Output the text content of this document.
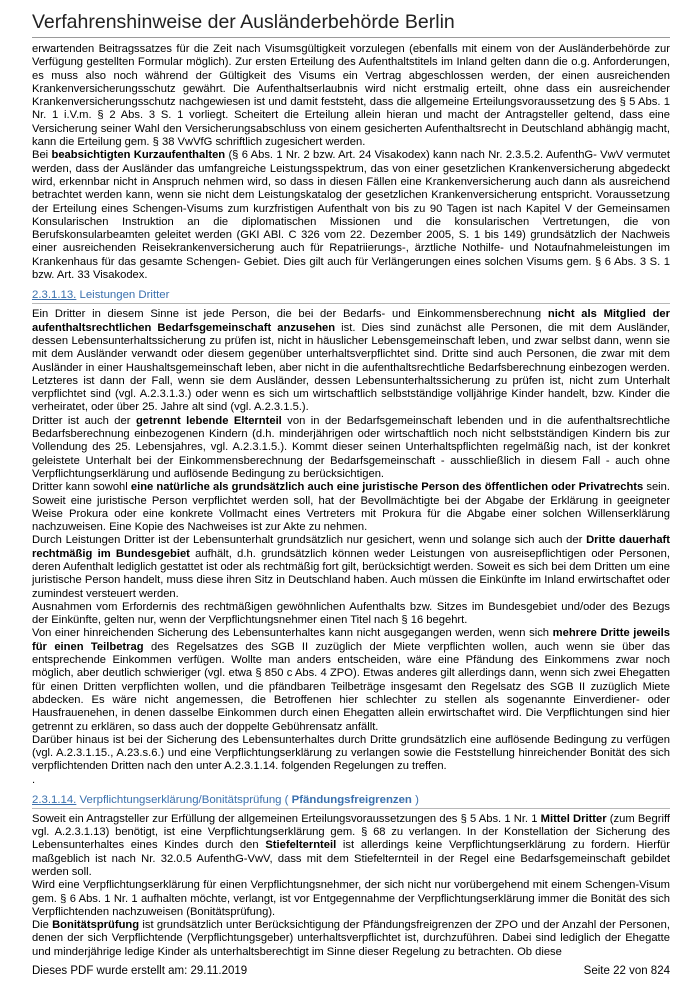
Verfahrenshinweise der Ausländerbehörde Berlin

erwartenden Beitragssatzes für die Zeit nach Visumsgültigkeit vorzulegen (ebenfalls mit einem von der Ausländerbehörde zur Verfügung gestellten Formular möglich). Zur ersten Erteilung des Aufenthaltstitels im Inland gelten dann die o.g. Anforderungen, es muss also noch während der Gültigkeit des Visums ein Vertrag abgeschlossen werden, der einen ausreichenden Krankenversicherungsschutz gewährt. Die Aufenthaltserlaubnis wird nicht erstmalig erteilt, ohne dass ein ausreichender Krankenversicherungsschutz nachgewiesen ist und damit feststeht, dass die allgemeine Erteilungsvoraussetzung des § 5 Abs. 1 Nr. 1 i.V.m. § 2 Abs. 3 S. 1 vorliegt. Scheitert die Erteilung allein hieran und macht der Antragsteller geltend, dass eine Versicherung seiner Wahl den Versicherungsabschluss von einem gesicherten Aufenthaltsrecht in Deutschland abhängig macht, kann die Erteilung gem. § 38 VwVfG schriftlich zugesichert werden.

Bei beabsichtigten Kurzaufenthalten (§ 6 Abs. 1 Nr. 2 bzw. Art. 24 Visakodex) kann nach Nr. 2.3.5.2. AufenthG- VwV vermutet werden, dass der Ausländer das umfangreiche Leistungsspektrum, das von einer gesetzlichen Krankenversicherung abgedeckt wird, erkennbar nicht in Anspruch nehmen wird, so dass in diesen Fällen eine Krankenversicherung auch dann als ausreichend betrachtet werden kann, wenn sie nicht dem Leistungskatalog der gesetzlichen Krankenversicherung entspricht. Voraussetzung der Erteilung eines Schengen-Visums zum kurzfristigen Aufenthalt von bis zu 90 Tagen ist nach Kapitel V der Gemeinsamen Konsularischen Instruktion an die diplomatischen Missionen und die konsularischen Vertretungen, die von Berufskonsularbeamten geleitet werden (GKI ABl. C 326 vom 22. Dezember 2005, S. 1 bis 149) grundsätzlich der Nachweis einer ausreichenden Reisekrankenversicherung auch für Repatriierungs-, ärztliche Nothilfe- und Notaufnahmeleistungen im Krankenhaus für das gesamte Schengen- Gebiet. Dies gilt auch für Verlängerungen eines solchen Visums gem. § 6 Abs. 3 S. 1 bzw. Art. 33 Visakodex.

2.3.1.13. Leistungen Dritter

Ein Dritter in diesem Sinne ist jede Person, die bei der Bedarfs- und Einkommensberechnung nicht als Mitglied der aufenthaltsrechtlichen Bedarfsgemeinschaft anzusehen ist. Dies sind zunächst alle Personen, die mit dem Ausländer, dessen Lebensunterhaltssicherung zu prüfen ist, nicht in häuslicher Lebensgemeinschaft leben, und zwar selbst dann, wenn sie mit dem Ausländer verwandt oder diesem gegenüber unterhaltsverpflichtet sind. Dritte sind auch Personen, die zwar mit dem Ausländer in einer Haushaltsgemeinschaft leben, aber nicht in die aufenthaltsrechtliche Bedarfsberechnung einbezogen werden. Letzteres ist dann der Fall, wenn sie dem Ausländer, dessen Lebensunterhaltssicherung zu prüfen ist, nicht zum Unterhalt verpflichtet sind (vgl. A.2.3.1.3.) oder wenn es sich um wirtschaftlich selbstständige volljährige Kinder handelt, bzw. Kinder die verheiratet, oder über 25. Jahre alt sind (vgl. A.2.3.1.5.).

Dritter ist auch der getrennt lebende Elternteil von in der Bedarfsgemeinschaft lebenden und in die aufenthaltsrechtliche Bedarfsberechnung einbezogenen Kindern (d.h. minderjährigen oder wirtschaftlich noch nicht selbstständigen Kindern bis zur Vollendung des 25. Lebensjahres, vgl. A.2.3.1.5.). Kommt dieser seinen Unterhaltspflichten regelmäßig nach, ist der konkret geleistete Unterhalt bei der Einkommensberechnung der Bedarfsgemeinschaft - ausschließlich in diesem Fall - auch ohne Verpflichtungserklärung und auflösende Bedingung zu berücksichtigen.

Dritter kann sowohl eine natürliche als grundsätzlich auch eine juristische Person des öffentlichen oder Privatrechts sein. Soweit eine juristische Person verpflichtet werden soll, hat der Bevollmächtigte bei der Abgabe der Erklärung in geeigneter Weise Prokura oder eine konkrete Vollmacht eines Vertreters mit Prokura für die Abgabe einer solchen Willenserklärung nachzuweisen. Eine Kopie des Nachweises ist zur Akte zu nehmen.

Durch Leistungen Dritter ist der Lebensunterhalt grundsätzlich nur gesichert, wenn und solange sich auch der Dritte dauerhaft rechtmäßig im Bundesgebiet aufhält, d.h. grundsätzlich können weder Leistungen von ausreisepflichtigen oder Personen, deren Aufenthalt lediglich gestattet ist oder als rechtmäßig fort gilt, berücksichtigt werden. Soweit es sich bei dem Dritten um eine juristische Person handelt, muss diese ihren Sitz in Deutschland haben. Auch müssen die Einkünfte im Inland erwirtschaftet oder zumindest versteuert werden.

Ausnahmen vom Erfordernis des rechtmäßigen gewöhnlichen Aufenthalts bzw. Sitzes im Bundesgebiet und/oder des Bezugs der Einkünfte, gelten nur, wenn der Verpflichtungsnehmer einen Titel nach § 16 begehrt.

Von einer hinreichenden Sicherung des Lebensunterhaltes kann nicht ausgegangen werden, wenn sich mehrere Dritte jeweils für einen Teilbetrag des Regelsatzes des SGB II zuzüglich der Miete verpflichten wollen, auch wenn sie über das entsprechende Einkommen verfügen. Wollte man anders entscheiden, wäre eine Pfändung des Einkommens zwar noch möglich, aber deutlich schwieriger (vgl. etwa § 850 c Abs. 4 ZPO). Etwas anderes gilt allerdings dann, wenn sich zwei Ehegatten für einen Dritten verpflichten wollen, und die pfändbaren Teilbeträge insgesamt den Regelsatz des SGB II zuzüglich Miete abdecken. Es wäre nicht angemessen, die Betroffenen hier schlechter zu stellen als sogenannte Einverdiener- oder Hausfrauenehen, in denen dasselbe Einkommen durch einen Ehegatten allein erwirtschaftet wird. Die Verpflichtungen sind hier getrennt zu erklären, so dass auch der doppelte Gebührensatz anfällt.

Darüber hinaus ist bei der Sicherung des Lebensunterhaltes durch Dritte grundsätzlich eine auflösende Bedingung zu verfügen (vgl. A.2.3.1.15., A.23.s.6.) und eine Verpflichtungserklärung zu verlangen sowie die Feststellung hinreichender Bonität des sich verpflichtenden Dritten nach den unter A.2.3.1.14. folgenden Regelungen zu treffen.

.

2.3.1.14. Verpflichtungserklärung/Bonitätsprüfung ( Pfändungsfreigrenzen )

Soweit ein Antragsteller zur Erfüllung der allgemeinen Erteilungsvoraussetzungen des § 5 Abs. 1 Nr. 1 Mittel Dritter (zum Begriff vgl. A.2.3.1.13) benötigt, ist eine Verpflichtungserklärung gem. § 68 zu verlangen. In der Konstellation der Sicherung des Lebensunterhaltes eines Kindes durch den Stiefelternteil ist allerdings keine Verpflichtungserklärung zu fordern. Hierfür maßgeblich ist nach Nr. 32.0.5 AufenthG-VwV, dass mit dem Stiefelternteil in der Regel eine Bedarfsgemeinschaft gebildet werden soll.

Wird eine Verpflichtungserklärung für einen Verpflichtungsnehmer, der sich nicht nur vorübergehend mit einem Schengen-Visum gem. § 6 Abs. 1 Nr. 1 aufhalten möchte, verlangt, ist vor Entgegennahme der Verpflichtungserklärung immer die Bonität des sich Verpflichtenden nachzuweisen (Bonitätsprüfung).

Die Bonitätsprüfung ist grundsätzlich unter Berücksichtigung der Pfändungsfreigrenzen der ZPO und der Anzahl der Personen, denen der sich Verpflichtende (Verpflichtungsgeber) unterhaltsverpflichtet ist, durchzuführen. Dabei sind lediglich der Ehegatte und minderjährige ledige Kinder als unterhaltsberechtigt im Sinne dieser Regelung zu betrachten. Ob diese

Dieses PDF wurde erstellt am: 29.11.2019	Seite 22 von 824
